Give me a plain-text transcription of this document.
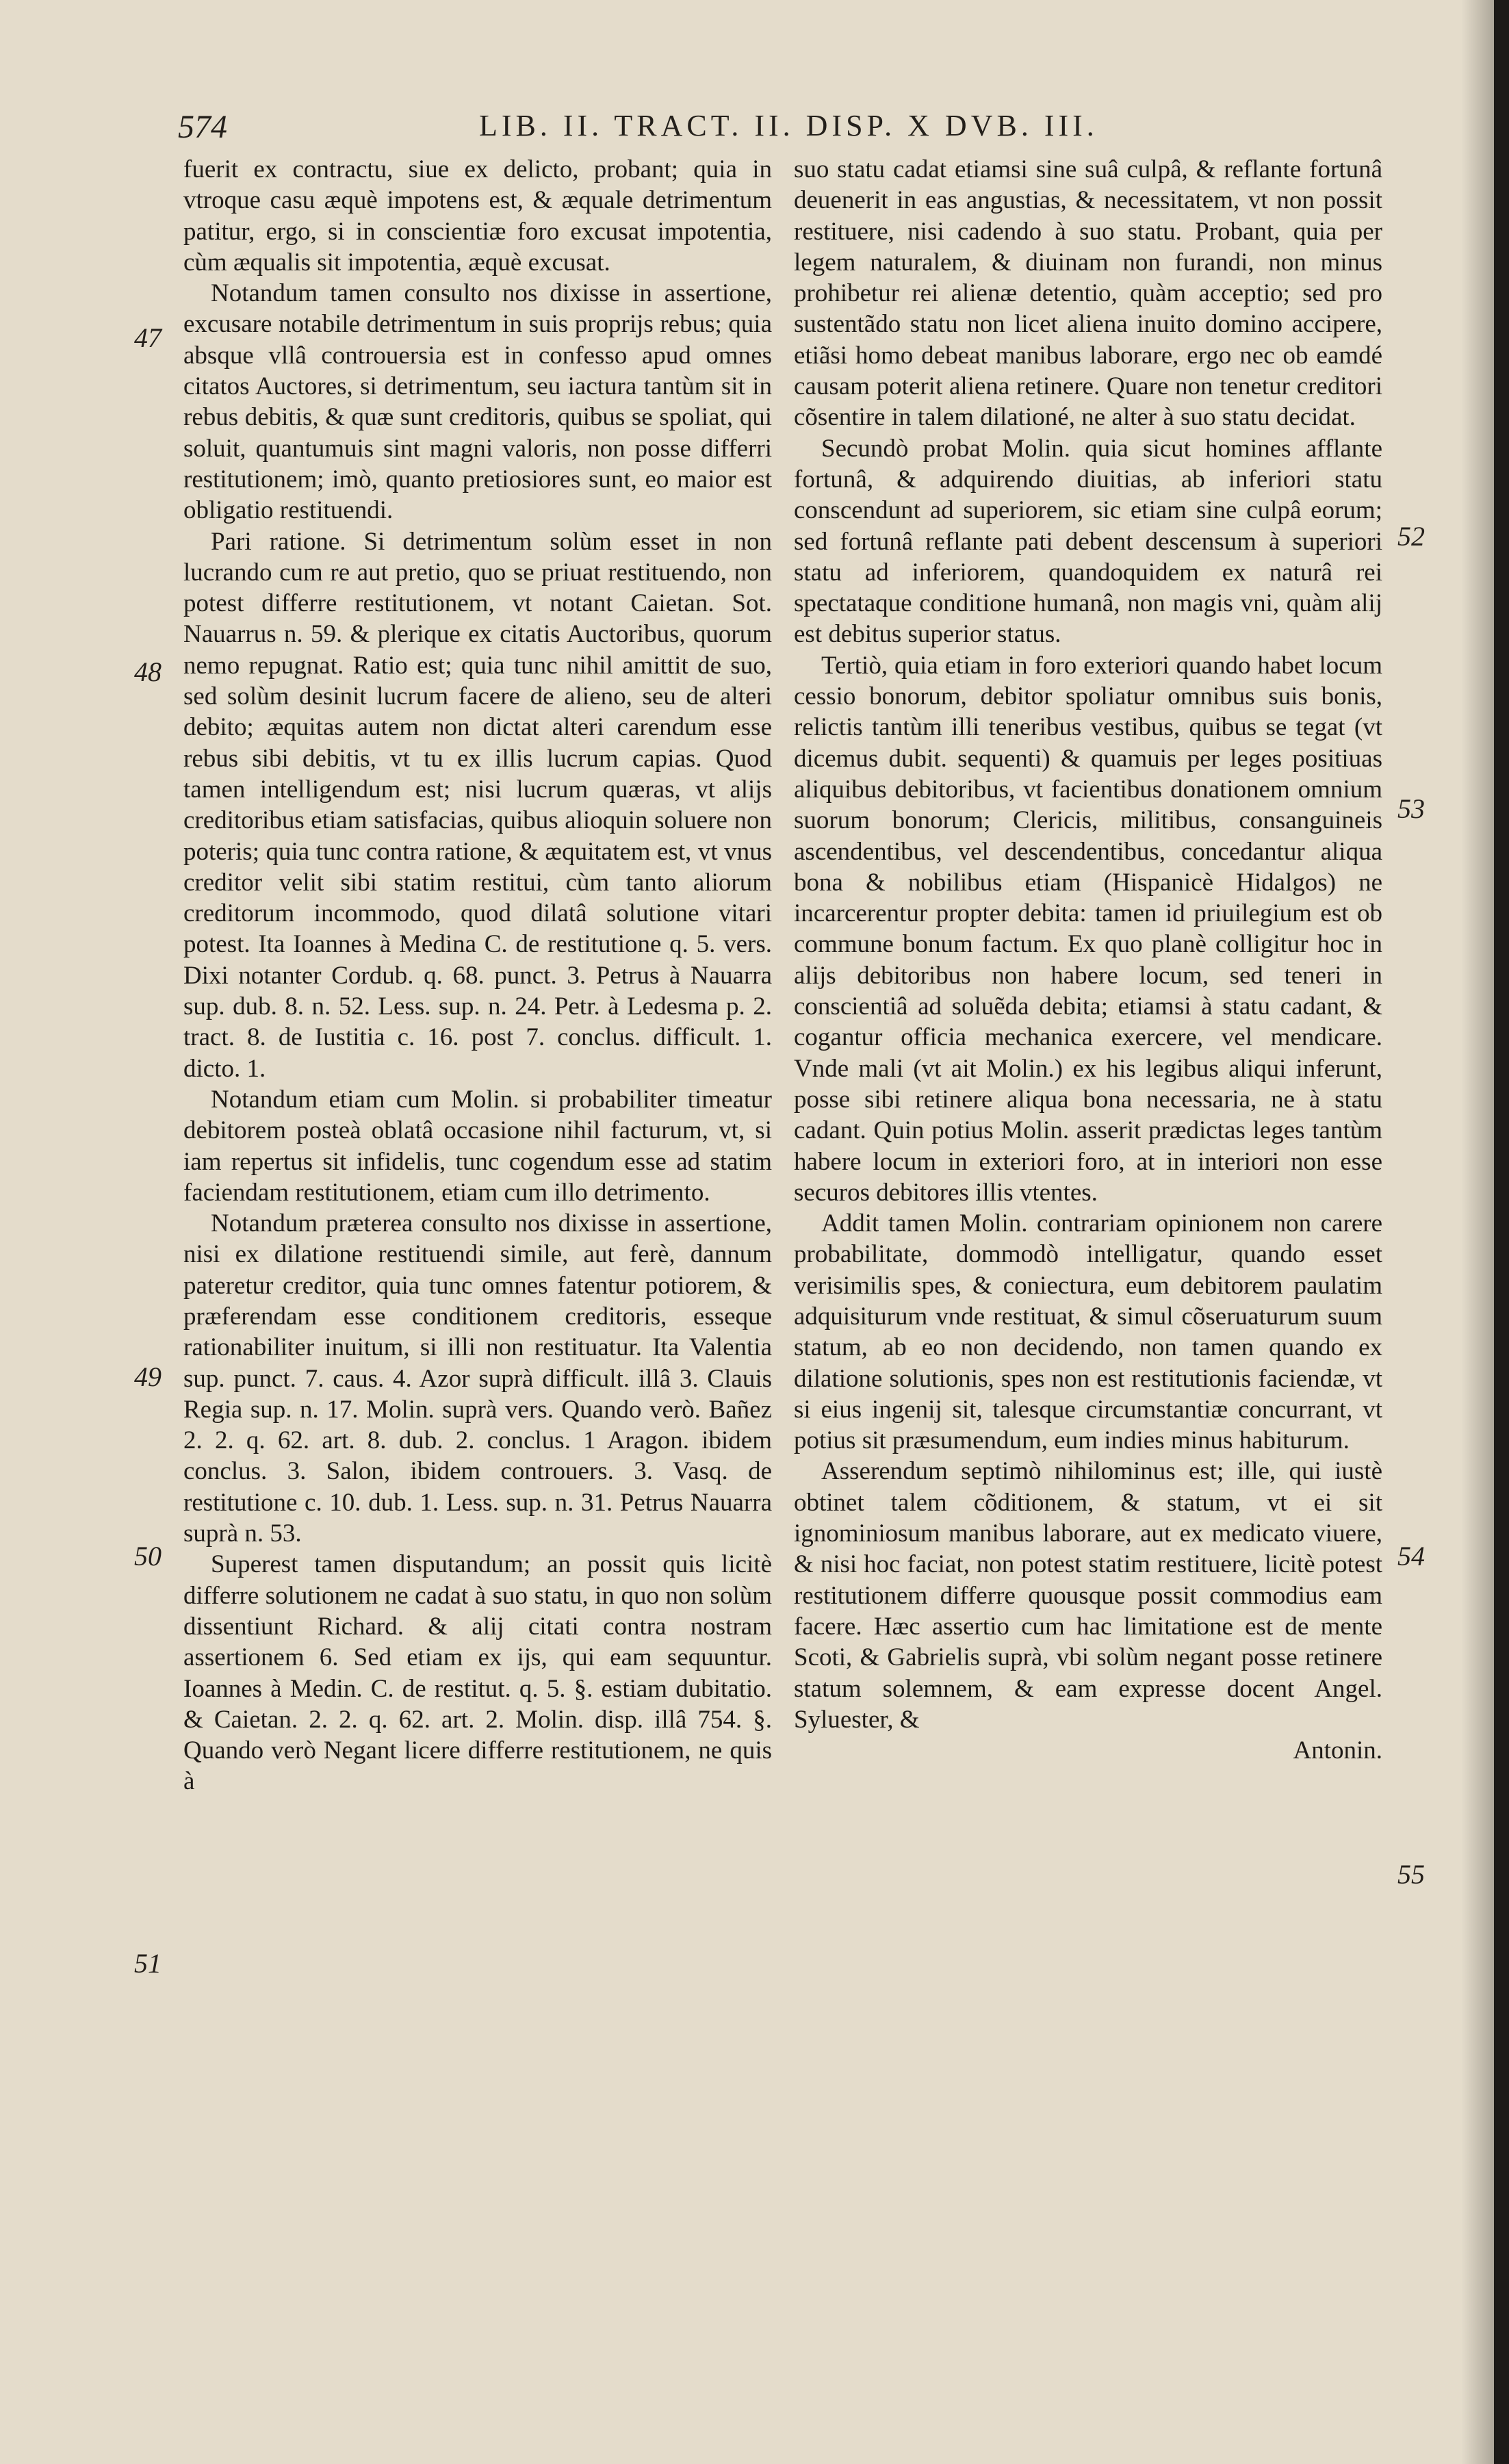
574	LIB. II. TRACT. II. DISP. X DVB. III.
47
48
49
50
51
52
53
54
55

fuerit ex contractu, siue ex delicto, probant; quia in vtroque casu æquè impotens est, & æquale detrimentum patitur, ergo, si in conscientiæ foro excusat impotentia, cùm æqualis sit impotentia, æquè excusat.

Notandum tamen consulto nos dixisse in assertione, excusare notabile detrimentum in suis proprijs rebus; quia absque vllâ controuersia est in confesso apud omnes citatos Auctores, si detrimentum, seu iactura tantùm sit in rebus debitis, & quæ sunt creditoris, quibus se spoliat, qui soluit, quantumuis sint magni valoris, non posse differri restitutionem; imò, quanto pretiosiores sunt, eo maior est obligatio restituendi.

Pari ratione. Si detrimentum solùm esset in non lucrando cum re aut pretio, quo se priuat restituendo, non potest differre restitutionem, vt notant Caietan. Sot. Nauarrus n. 59. & plerique ex citatis Auctoribus, quorum nemo repugnat. Ratio est; quia tunc nihil amittit de suo, sed solùm desinit lucrum facere de alieno, seu de alteri debito; æquitas autem non dictat alteri carendum esse rebus sibi debitis, vt tu ex illis lucrum capias. Quod tamen intelligendum est; nisi lucrum quæras, vt alijs creditoribus etiam satisfacias, quibus alioquin soluere non poteris; quia tunc contra ratione, & æquitatem est, vt vnus creditor velit sibi statim restitui, cùm tanto aliorum creditorum incommodo, quod dilatâ solutione vitari potest. Ita Ioannes à Medina C. de restitutione q. 5. vers. Dixi notanter Cordub. q. 68. punct. 3. Petrus à Nauarra sup. dub. 8. n. 52. Less. sup. n. 24. Petr. à Ledesma p. 2. tract. 8. de Iustitia c. 16. post 7. conclus. difficult. 1. dicto. 1.

Notandum etiam cum Molin. si probabiliter timeatur debitorem posteà oblatâ occasione nihil facturum, vt, si iam repertus sit infidelis, tunc cogendum esse ad statim faciendam restitutionem, etiam cum illo detrimento.

Notandum præterea consulto nos dixisse in assertione, nisi ex dilatione restituendi simile, aut ferè, dannum pateretur creditor, quia tunc omnes fatentur potiorem, & præferendam esse conditionem creditoris, esseque rationabiliter inuitum, si illi non restituatur. Ita Valentia sup. punct. 7. caus. 4. Azor suprà difficult. illâ 3. Clauis Regia sup. n. 17. Molin. suprà vers. Quando verò. Bañez 2. 2. q. 62. art. 8. dub. 2. conclus. 1 Aragon. ibidem conclus. 3. Salon, ibidem controuers. 3. Vasq. de restitutione c. 10. dub. 1. Less. sup. n. 31. Petrus Nauarra suprà n. 53.

Superest tamen disputandum; an possit quis licitè differre solutionem ne cadat à suo statu, in quo non solùm dissentiunt Richard. & alij citati contra nostram assertionem 6. Sed etiam ex ijs, qui eam sequuntur. Ioannes à Medin. C. de restitut. q. 5. §. estiam dubitatio. & Caietan. 2. 2. q. 62. art. 2. Molin. disp. illâ 754. §. Quando verò Negant licere differre restitutionem, ne quis à

suo statu cadat etiamsi sine suâ culpâ, & reflante fortunâ deuenerit in eas angustias, & necessitatem, vt non possit restituere, nisi cadendo à suo statu. Probant, quia per legem naturalem, & diuinam non furandi, non minus prohibetur rei alienæ detentio, quàm acceptio; sed pro sustentãdo statu non licet aliena inuito domino accipere, etiãsi homo debeat manibus laborare, ergo nec ob eamdé causam poterit aliena retinere. Quare non tenetur creditori cõsentire in talem dilationé, ne alter à suo statu decidat.

Secundò probat Molin. quia sicut homines afflante fortunâ, & adquirendo diuitias, ab inferiori statu conscendunt ad superiorem, sic etiam sine culpâ eorum; sed fortunâ reflante pati debent descensum à superiori statu ad inferiorem, quandoquidem ex naturâ rei spectataque conditione humanâ, non magis vni, quàm alij est debitus superior status.

Tertiò, quia etiam in foro exteriori quando habet locum cessio bonorum, debitor spoliatur omnibus suis bonis, relictis tantùm illi teneribus vestibus, quibus se tegat (vt dicemus dubit. sequenti) & quamuis per leges positiuas aliquibus debitoribus, vt facientibus donationem omnium suorum bonorum; Clericis, militibus, consanguineis ascendentibus, vel descendentibus, concedantur aliqua bona & nobilibus etiam (Hispanicè Hidalgos) ne incarcerentur propter debita: tamen id priuilegium est ob commune bonum factum. Ex quo planè colligitur hoc in alijs debitoribus non habere locum, sed teneri in conscientiâ ad soluẽda debita; etiamsi à statu cadant, & cogantur officia mechanica exercere, vel mendicare. Vnde mali (vt ait Molin.) ex his legibus aliqui inferunt, posse sibi retinere aliqua bona necessaria, ne à statu cadant. Quin potius Molin. asserit prædictas leges tantùm habere locum in exteriori foro, at in interiori non esse securos debitores illis vtentes.

Addit tamen Molin. contrariam opinionem non carere probabilitate, dommodò intelligatur, quando esset verisimilis spes, & coniectura, eum debitorem paulatim adquisiturum vnde restituat, & simul cõseruaturum suum statum, ab eo non decidendo, non tamen quando ex dilatione solutionis, spes non est restitutionis faciendæ, vt si eius ingenij sit, talesque circumstantiæ concurrant, vt potius sit præsumendum, eum indies minus habiturum.

Asserendum septimò nihilominus est; ille, qui iustè obtinet talem cõditionem, & statum, vt ei sit ignominiosum manibus laborare, aut ex medicato viuere, & nisi hoc faciat, non potest statim restituere, licitè potest restitutionem differre quousque possit commodius eam facere. Hæc assertio cum hac limitatione est de mente Scoti, & Gabrielis suprà, vbi solùm negant posse retinere statum solemnem, & eam expresse docent Angel. Syluester, &

Antonin.
